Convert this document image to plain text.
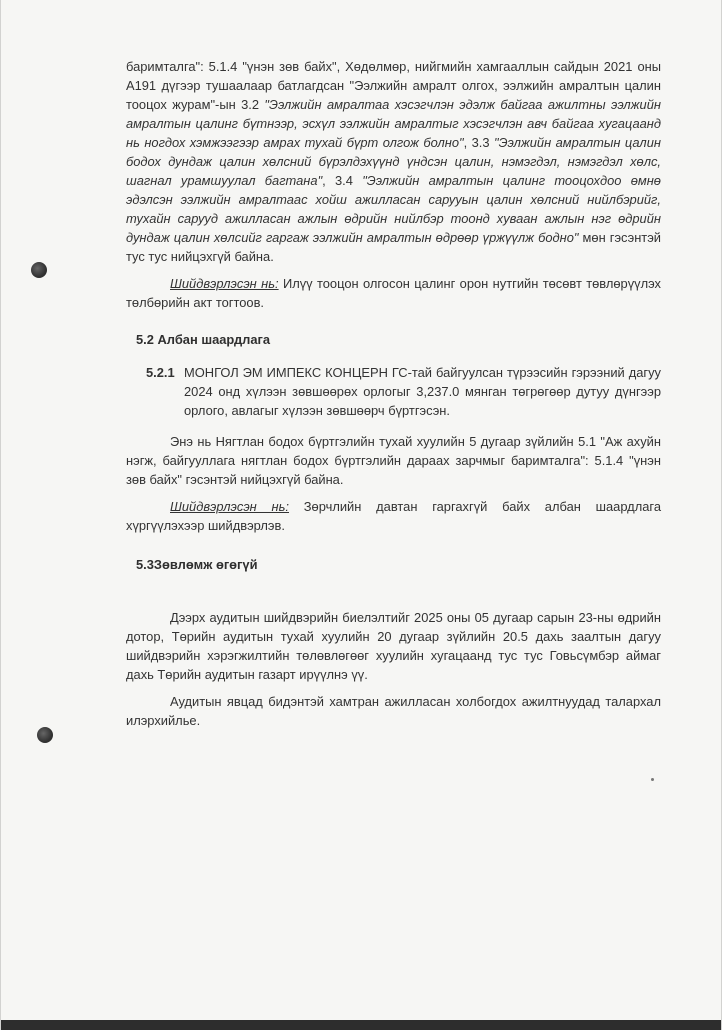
баримталга": 5.1.4 "үнэн зөв байх", Хөдөлмөр, нийгмийн хамгааллын сайдын 2021 оны A191 дүгээр тушаалаар батлагдсан "Ээлжийн амралт олгох, ээлжийн амралтын цалин тооцох журам"-ын 3.2 "Ээлжийн амралтаа хэсэгчлэн эдэлж байгаа ажилтны ээлжийн амралтын цалинг бүтнээр, эсхүл ээлжийн амралтыг хэсэгчлэн авч байгаа хугацаанд нь ногдох хэмжээгээр амрах тухай бүрт олгож болно", 3.3 "Ээлжийн амралтын цалин бодох дундаж цалин хөлсний бүрэлдэхүүнд үндсэн цалин, нэмэгдэл, нэмэгдэл хөлс, шагнал урамшуулал багтана", 3.4 "Ээлжийн амралтын цалинг тооцохдоо өмнө эдэлсэн ээлжийн амралтаас хойш ажилласан сарууын цалин хөлсний нийлбэрийг, тухайн сарууд ажилласан ажлын өдрийн нийлбэр тоонд хуваан ажлын нэг өдрийн дундаж цалин хөлсийг гаргаж ээлжийн амралтын өдрөөр үржүүлж бодно" мөн гэсэнтэй тус тус нийцэхгүй байна.

Шийдвэрлэсэн нь: Илүү тооцон олгосон цалинг орон нутгийн төсөвт төвлөрүүлэх төлбөрийн акт тогтоов.

5.2 Албан шаардлага
5.2.1 МОНГОЛ ЭМ ИМПЕКС КОНЦЕРН ГС-тай байгуулсан түрээсийн гэрээний дагуу 2024 онд хүлээн зөвшөөрөх орлогыг 3,237.0 мянган төгрөгөөр дутуу дүнгээр орлого, авлагыг хүлээн зөвшөөрч бүртгэсэн.

Энэ нь Нягтлан бодох бүртгэлийн тухай хуулийн 5 дугаар зүйлийн 5.1 "Аж ахуйн нэгж, байгууллага нягтлан бодох бүртгэлийн дараах зарчмыг баримталга": 5.1.4 "үнэн зөв байх" гэсэнтэй нийцэхгүй байна.

Шийдвэрлэсэн нь: Зөрчлийн давтан гаргахгүй байх албан шаардлага хүргүүлэхээр шийдвэрлэв.

5.3Зөвлөмж өгөгүй

Дээрх аудитын шийдвэрийн биелэлтийг 2025 оны 05 дугаар сарын 23-ны өдрийн дотор, Төрийн аудитын тухай хуулийн 20 дугаар зүйлийн 20.5 дахь заалтын дагуу шийдвэрийн хэрэгжилтийн төлөвлөгөөг хуулийн хугацаанд тус тус Говьсүмбэр аймаг дахь Төрийн аудитын газарт ирүүлнэ үү.

Аудитын явцад бидэнтэй хамтран ажилласан холбогдох ажилтнуудад талархал илэрхийлье.
